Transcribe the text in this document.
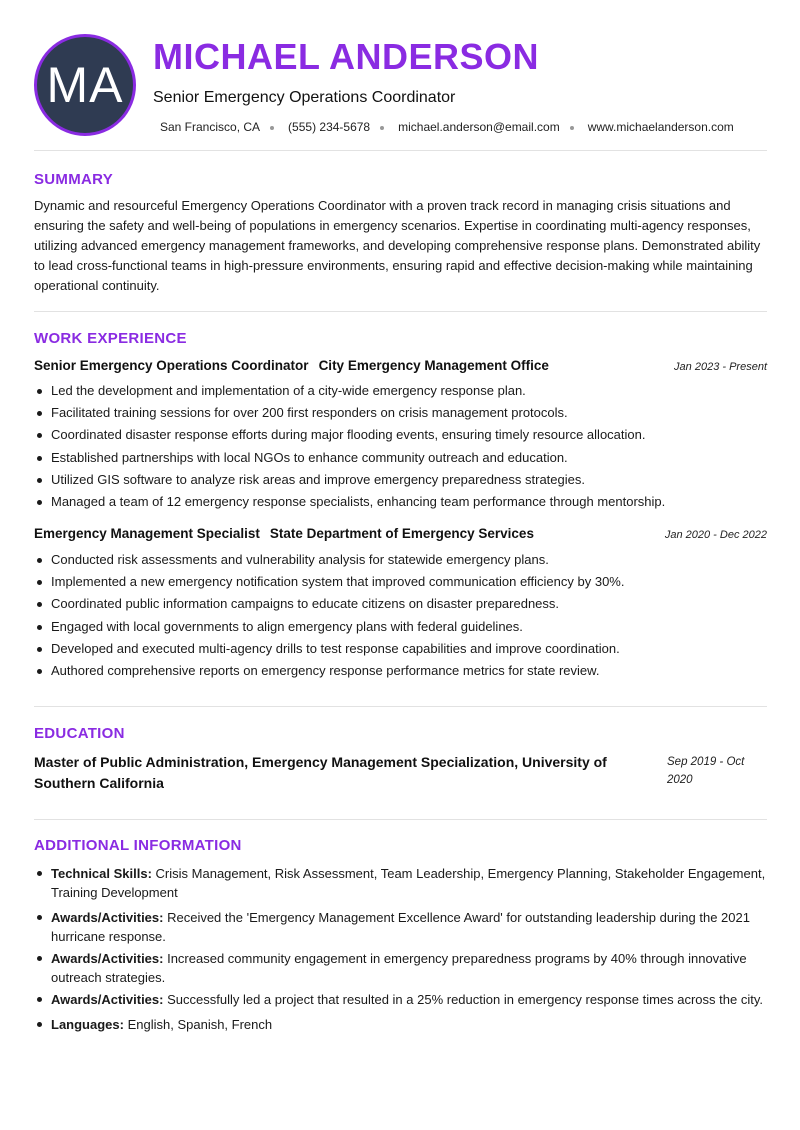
MA
MICHAEL ANDERSON
Senior Emergency Operations Coordinator
San Francisco, CA (555) 234-5678 michael.anderson@email.com www.michaelanderson.com
SUMMARY

Dynamic and resourceful Emergency Operations Coordinator with a proven track record in managing crisis situations and ensuring the safety and well-being of populations in emergency scenarios. Expertise in coordinating multi-agency responses, utilizing advanced emergency management frameworks, and developing comprehensive response plans. Demonstrated ability to lead cross-functional teams in high-pressure environments, ensuring rapid and effective decision-making while maintaining operational continuity.

WORK EXPERIENCE
Senior Emergency Operations Coordinator City Emergency Management Office	Jan 2023 - Present
Led the development and implementation of a city-wide emergency response plan.
Facilitated training sessions for over 200 first responders on crisis management protocols.
Coordinated disaster response efforts during major flooding events, ensuring timely resource allocation.
Established partnerships with local NGOs to enhance community outreach and education.
Utilized GIS software to analyze risk areas and improve emergency preparedness strategies.
Managed a team of 12 emergency response specialists, enhancing team performance through mentorship.
Emergency Management Specialist State Department of Emergency Services	Jan 2020 - Dec 2022
Conducted risk assessments and vulnerability analysis for statewide emergency plans.
Implemented a new emergency notification system that improved communication efficiency by 30%.
Coordinated public information campaigns to educate citizens on disaster preparedness.
Engaged with local governments to align emergency plans with federal guidelines.
Developed and executed multi-agency drills to test response capabilities and improve coordination.
Authored comprehensive reports on emergency response performance metrics for state review.
EDUCATION

Master of Public Administration, Emergency Management Specialization, University of Southern California

Sep 2019 - Oct 2020
ADDITIONAL INFORMATION
Technical Skills: Crisis Management, Risk Assessment, Team Leadership, Emergency Planning, Stakeholder Engagement, Training Development
Awards/Activities: Received the 'Emergency Management Excellence Award' for outstanding leadership during the 2021 hurricane response.
Awards/Activities: Increased community engagement in emergency preparedness programs by 40% through innovative outreach strategies.
Awards/Activities: Successfully led a project that resulted in a 25% reduction in emergency response times across the city.
Languages: English, Spanish, French
